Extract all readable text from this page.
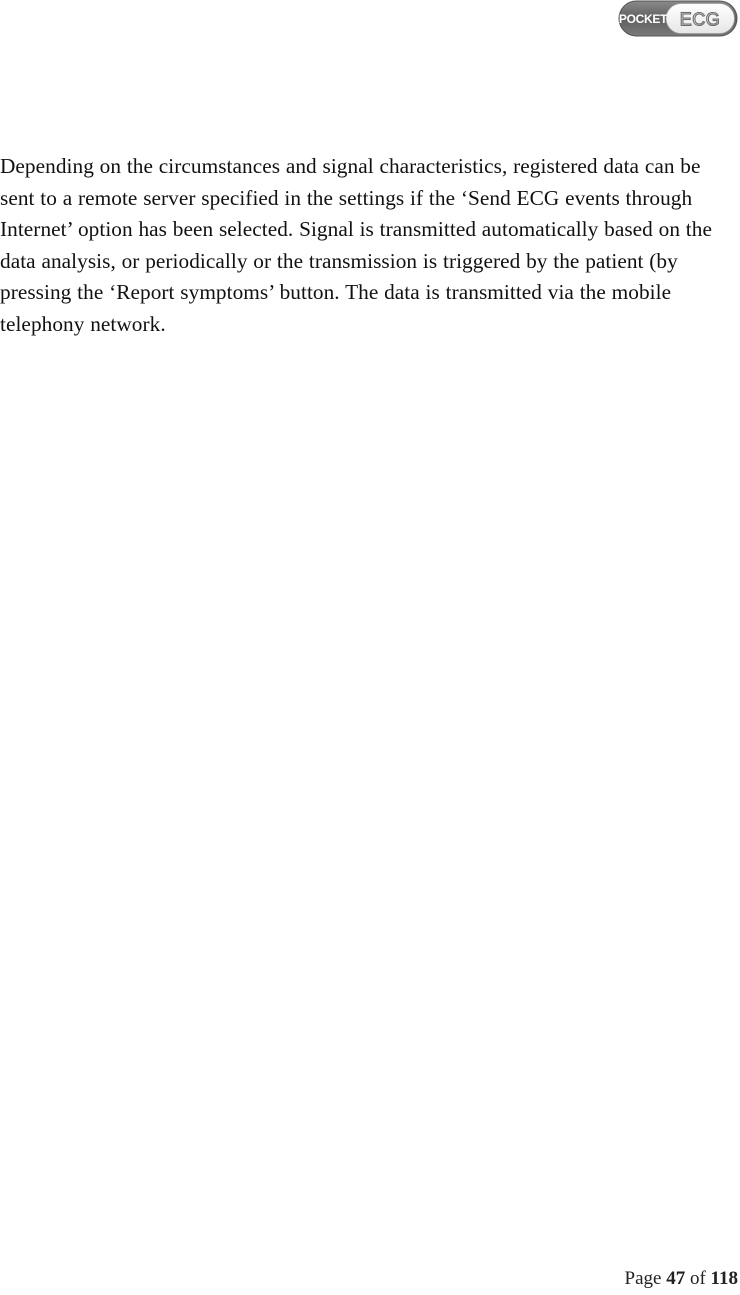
POCKET ECG

Depending on the circumstances and signal characteristics, registered data can be sent to a remote server specified in the settings if the ‘Send ECG events through Internet’ option has been selected. Signal is transmitted automatically based on the data analysis, or periodically or the transmission is triggered by the patient (by pressing the ‘Report symptoms’ button. The data is transmitted via the mobile telephony network.

Page 47 of 118
